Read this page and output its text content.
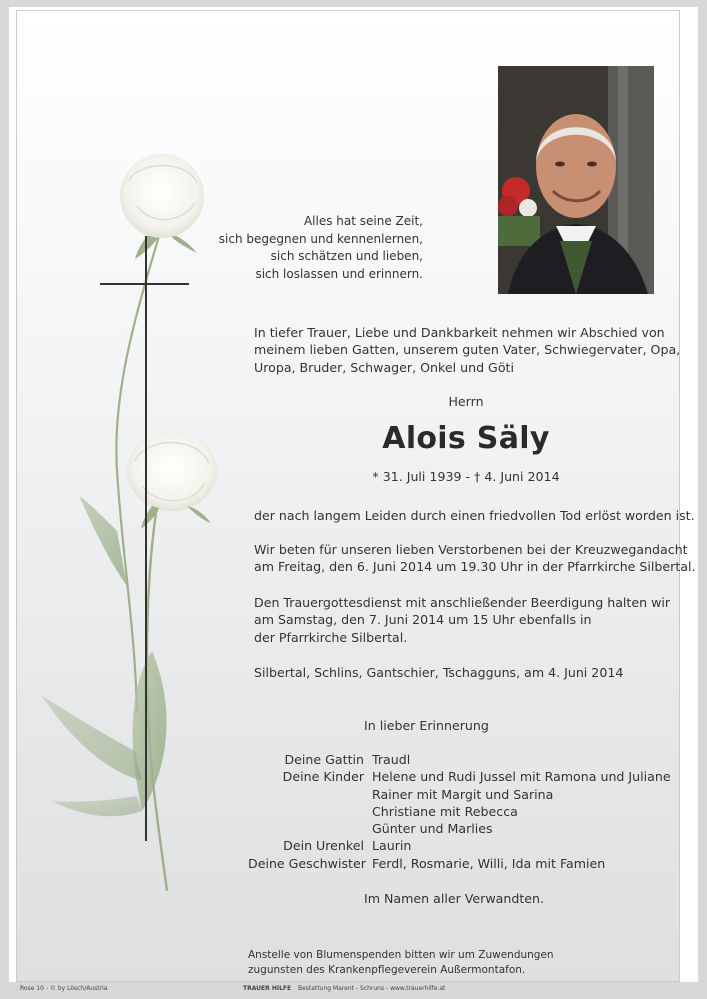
Alles hat seine Zeit,
sich begegnen und kennenlernen,
sich schätzen und lieben,
sich loslassen und erinnern.
In tiefer Trauer, Liebe und Dankbarkeit nehmen wir Abschied von
meinem lieben Gatten, unserem guten Vater, Schwiegervater, Opa,
Uropa, Bruder, Schwager, Onkel und Göti
Herrn
Alois Säly
* 31. Juli 1939 - † 4. Juni 2014
der nach langem Leiden durch einen friedvollen Tod erlöst worden ist.
Wir beten für unseren lieben Verstorbenen bei der Kreuzwegandacht
am Freitag, den 6. Juni 2014 um 19.30 Uhr in der Pfarrkirche Silbertal.
Den Trauergottesdienst mit anschließender Beerdigung halten wir
am Samstag, den 7. Juni 2014 um 15 Uhr ebenfalls in
der Pfarrkirche Silbertal.
Silbertal, Schlins, Gantschier, Tschagguns, am 4. Juni 2014
In lieber Erinnerung
Deine Gattin Traudl
Deine Kinder Helene und Rudi Jussel mit Ramona und Juliane
Rainer mit Margit und Sarina
Christiane mit Rebecca
Günter und Marlies
Dein Urenkel Laurin
Deine Geschwister Ferdl, Rosmarie, Willi, Ida mit Famien
Im Namen aller Verwandten.
Anstelle von Blumenspenden bitten wir um Zuwendungen
zugunsten des Krankenpflegeverein Außermontafon.
Rose 10 - © by Lösch/Austria	TRAUER HILFE Bestattung Marent - Schruns - www.trauerhilfe.at
